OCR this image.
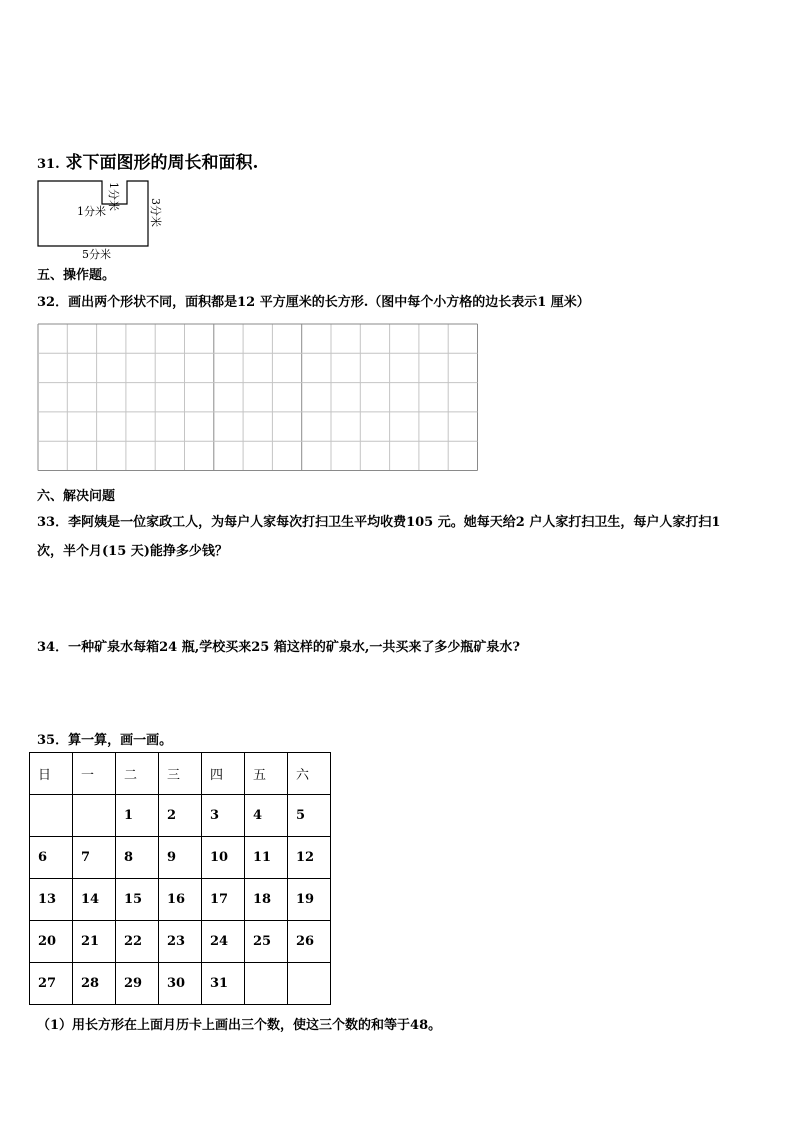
31. 求下面图形的周长和面积.
1分米
1分米
3分米
5分米
五、操作题。
32．画出两个形状不同，面积都是12 平方厘米的长方形.（图中每个小方格的边长表示1 厘米）
六、解决问题
33．李阿姨是一位家政工人，为每户人家每次打扫卫生平均收费105 元。她每天给2 户人家打扫卫生，每户人家打扫1
次，半个月(15 天)能挣多少钱？
34．一种矿泉水每箱24 瓶,学校买来25 箱这样的矿泉水,一共买来了多少瓶矿泉水?
35．算一算，画一画。
日	一	二	三	四	五	六
		1	2	3	4	5
6	7	8	9	10	11	12
13	14	15	16	17	18	19
20	21	22	23	24	25	26
27	28	29	30	31		
（1）用长方形在上面月历卡上画出三个数，使这三个数的和等于48。
